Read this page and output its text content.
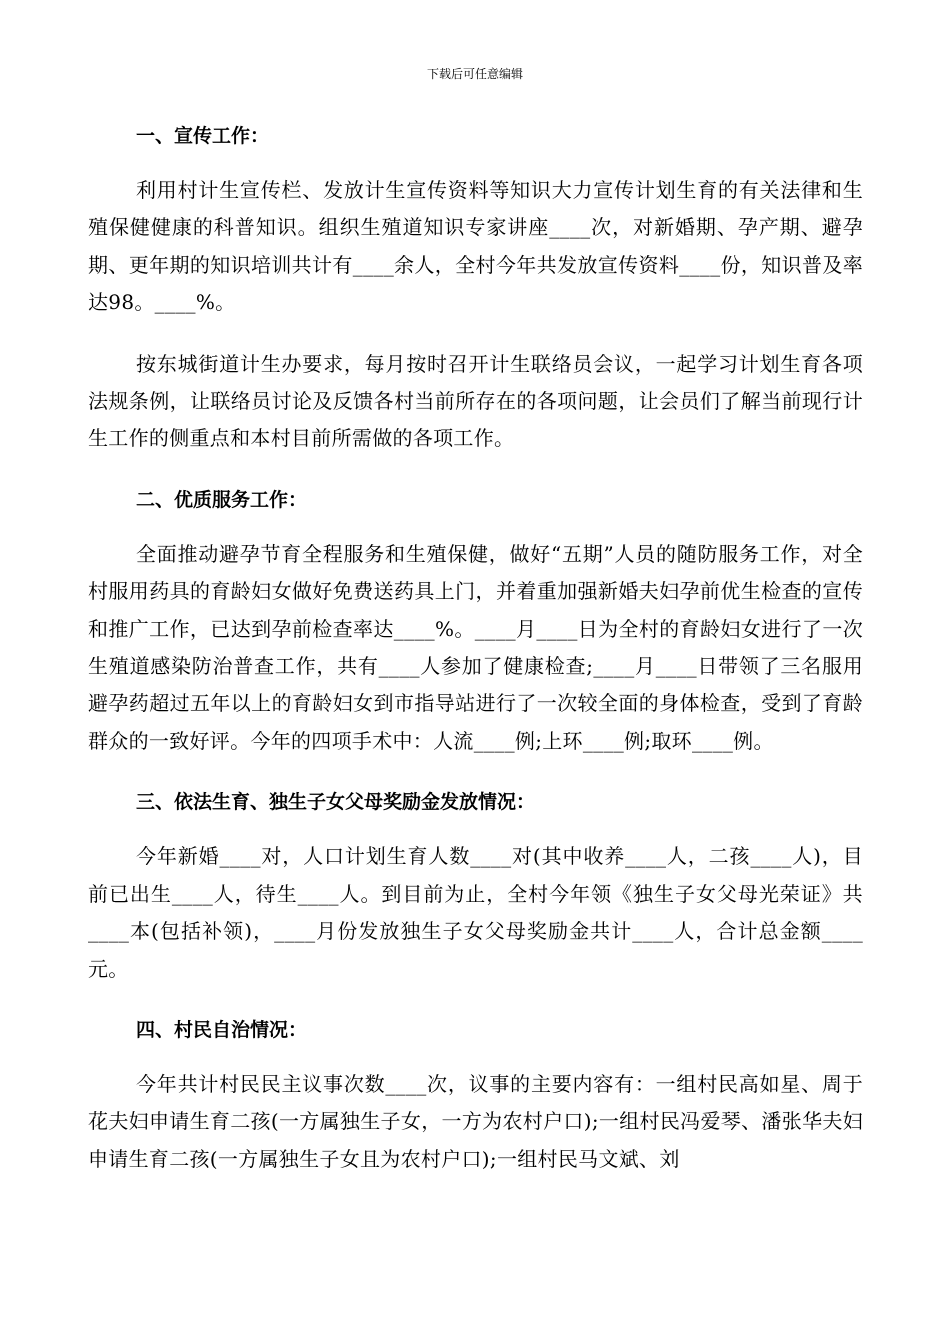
下载后可任意编辑
一、宣传工作：

利用村计生宣传栏、发放计生宣传资料等知识大力宣传计划生育的有关法律和生殖保健健康的科普知识。组织生殖道知识专家讲座____次，对新婚期、孕产期、避孕期、更年期的知识培训共计有____余人，全村今年共发放宣传资料____份，知识普及率达98。____%。

按东城街道计生办要求，每月按时召开计生联络员会议，一起学习计划生育各项法规条例，让联络员讨论及反馈各村当前所存在的各项问题，让会员们了解当前现行计生工作的侧重点和本村目前所需做的各项工作。

二、优质服务工作：

全面推动避孕节育全程服务和生殖保健，做好“五期”人员的随防服务工作，对全村服用药具的育龄妇女做好免费送药具上门，并着重加强新婚夫妇孕前优生检查的宣传和推广工作，已达到孕前检查率达____%。____月____日为全村的育龄妇女进行了一次生殖道感染防治普查工作，共有____人参加了健康检查;____月____日带领了三名服用避孕药超过五年以上的育龄妇女到市指导站进行了一次较全面的身体检查，受到了育龄群众的一致好评。今年的四项手术中：人流____例;上环____例;取环____例。

三、依法生育、独生子女父母奖励金发放情况：

今年新婚____对，人口计划生育人数____对(其中收养____人，二孩____人)，目前已出生____人，待生____人。到目前为止，全村今年领《独生子女父母光荣证》共____本(包括补领)，____月份发放独生子女父母奖励金共计____人，合计总金额____元。

四、村民自治情况：

今年共计村民民主议事次数____次，议事的主要内容有：一组村民高如星、周于花夫妇申请生育二孩(一方属独生子女，一方为农村户口);一组村民冯爱琴、潘张华夫妇申请生育二孩(一方属独生子女且为农村户口);一组村民马文斌、刘
